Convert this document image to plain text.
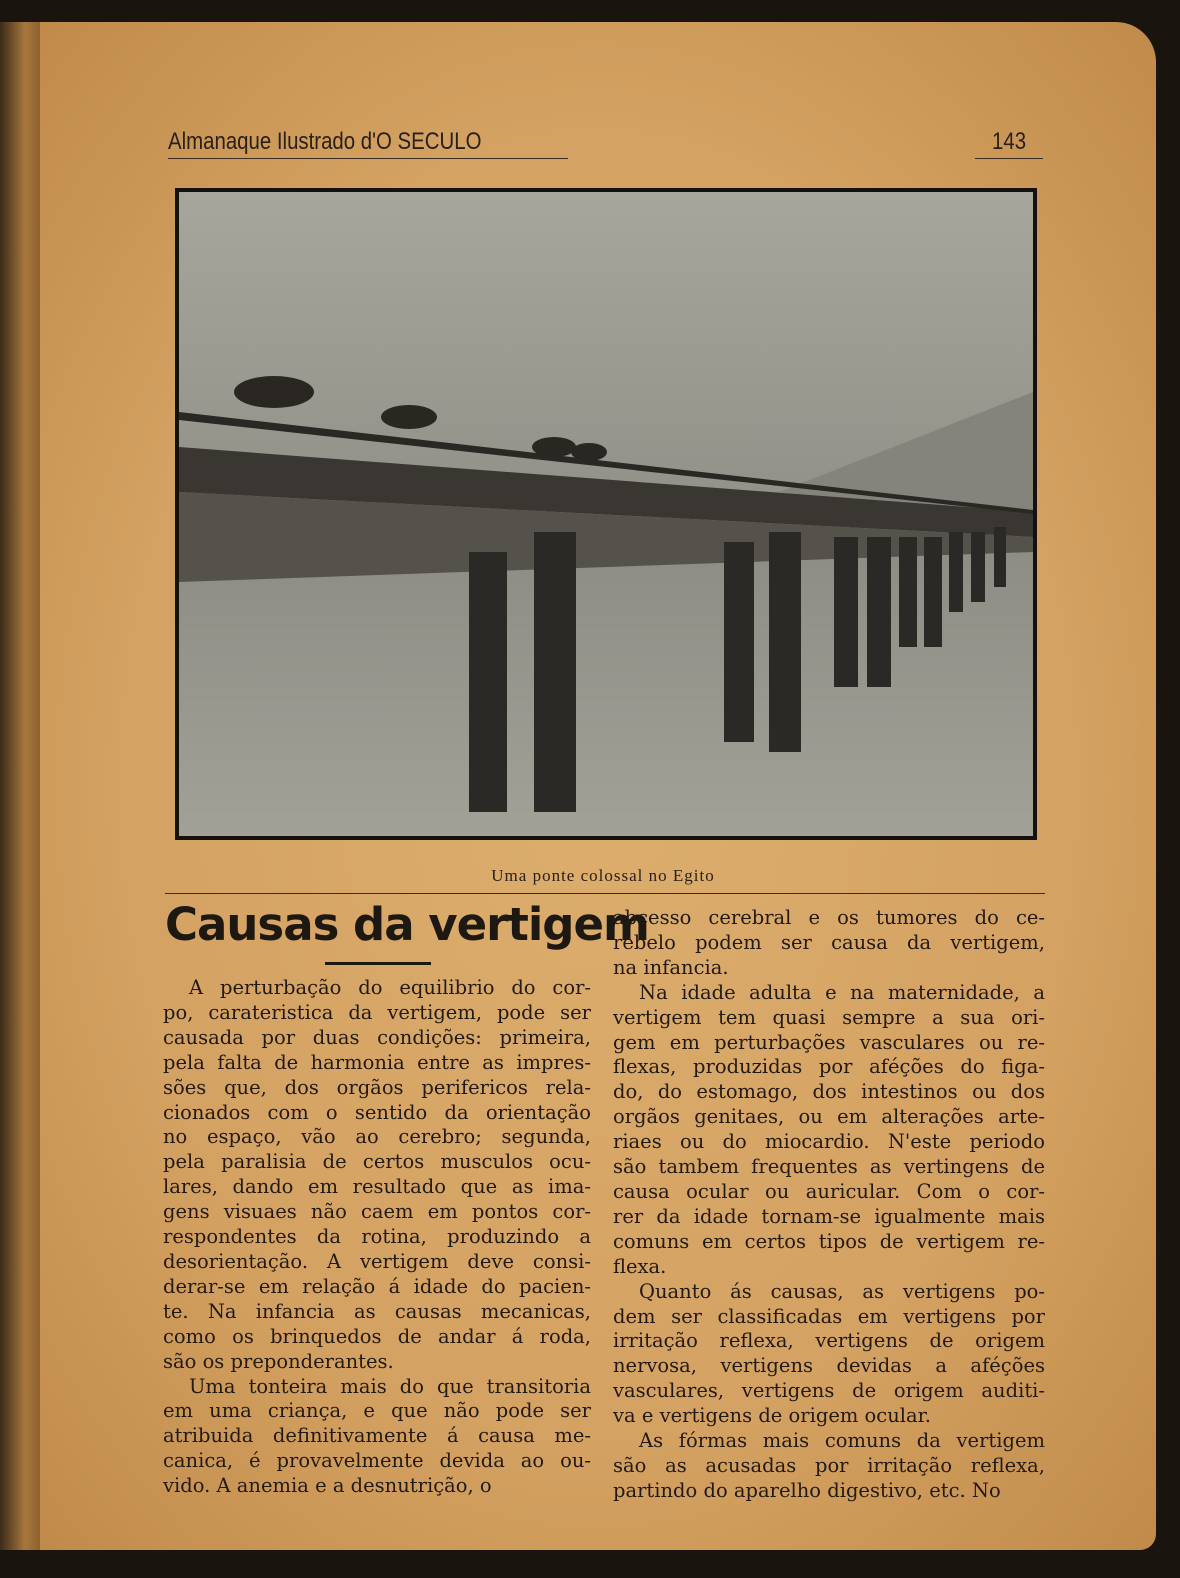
Almanaque Ilustrado d'O SECULO	143
Uma ponte colossal no Egito
Causas da vertigem
A perturbação do equilibrio do cor-
po, carateristica da vertigem, pode ser
causada por duas condições: primeira,
pela falta de harmonia entre as impres-
sões que, dos orgãos perifericos rela-
cionados com o sentido da orientação
no espaço, vão ao cerebro; segunda,
pela paralisia de certos musculos ocu-
lares, dando em resultado que as ima-
gens visuaes não caem em pontos cor-
respondentes da rotina, produzindo a
desorientação. A vertigem deve consi-
derar-se em relação á idade do pacien-
te. Na infancia as causas mecanicas,
como os brinquedos de andar á roda,
são os preponderantes.
Uma tonteira mais do que transitoria
em uma criança, e que não pode ser
atribuida definitivamente á causa me-
canica, é provavelmente devida ao ou-
vido. A anemia e a desnutrição, o
abcesso cerebral e os tumores do ce-
rebelo podem ser causa da vertigem,
na infancia.
Na idade adulta e na maternidade, a
vertigem tem quasi sempre a sua ori-
gem em perturbações vasculares ou re-
flexas, produzidas por aféções do figa-
do, do estomago, dos intestinos ou dos
orgãos genitaes, ou em alterações arte-
riaes ou do miocardio. N'este periodo
são tambem frequentes as vertingens de
causa ocular ou auricular. Com o cor-
rer da idade tornam-se igualmente mais
comuns em certos tipos de vertigem re-
flexa.
Quanto ás causas, as vertigens po-
dem ser classificadas em vertigens por
irritação reflexa, vertigens de origem
nervosa, vertigens devidas a aféções
vasculares, vertigens de origem auditi-
va e vertigens de origem ocular.
As fórmas mais comuns da vertigem
são as acusadas por irritação reflexa,
partindo do aparelho digestivo, etc. No
